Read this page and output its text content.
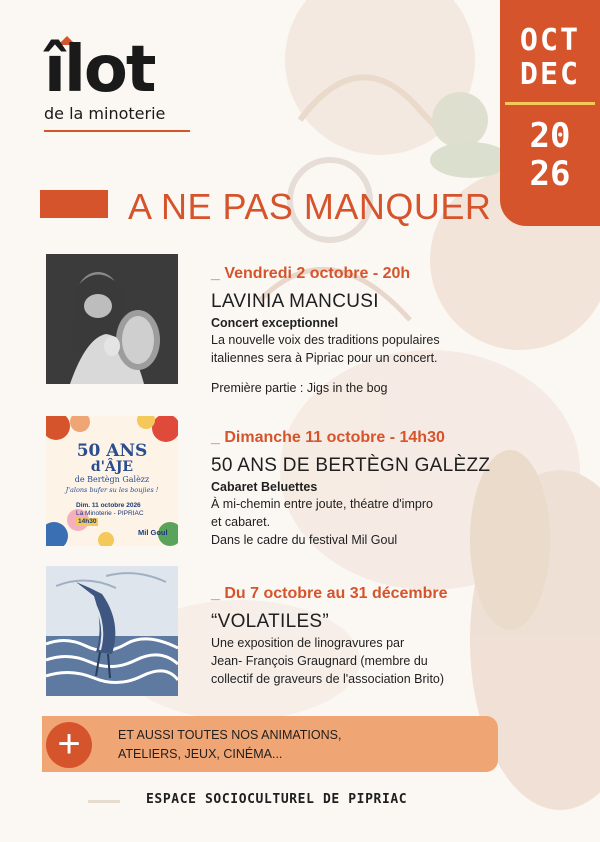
îlot
de la minoterie
OCT
DEC
20
26
A NE PAS MANQUER
_ Vendredi 2 octobre - 20h
LAVINIA MANCUSI
Concert exceptionnel
La nouvelle voix des traditions populaires
italiennes sera à Pipriac pour un concert.
Première partie : Jigs in the bog
50 ANS
d'ÂJE
de Bertègn Galèzz
J'alons bufer su les boujies !
Dim. 11 octobre 2026
La Minoterie - PIPRIAC
14h30
Mil Goul
_ Dimanche 11 octobre - 14h30
50 ANS DE BERTÈGN GALÈZZ
Cabaret Beluettes
À mi-chemin entre joute, théatre d'impro
et cabaret.
Dans le cadre du festival Mil Goul
_ Du 7 octobre au 31 décembre
“VOLATILES”
Une exposition de linogravures par
Jean- François Graugnard (membre du
collectif de graveurs de l'association Brito)
+	ET AUSSI TOUTES NOS ANIMATIONS,
ATELIERS, JEUX, CINÉMA...
ESPACE SOCIOCULTUREL DE PIPRIAC
